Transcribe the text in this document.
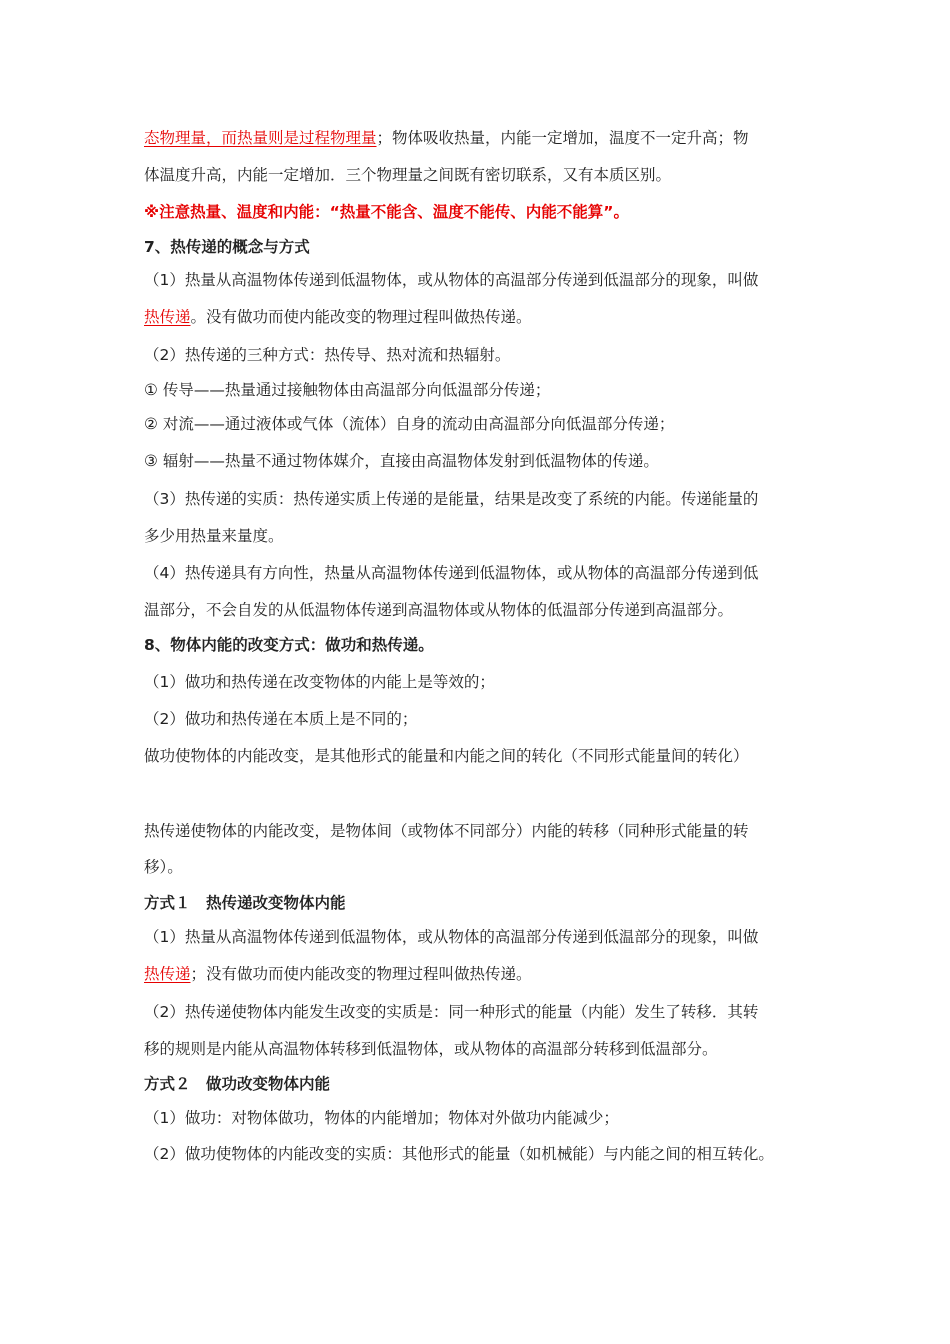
态物理量，而热量则是过程物理量；物体吸收热量，内能一定增加，温度不一定升高；物
体温度升高，内能一定增加．三个物理量之间既有密切联系，又有本质区别。
※注意热量、温度和内能：“热量不能含、温度不能传、内能不能算”。
7、热传递的概念与方式
（1）热量从高温物体传递到低温物体，或从物体的高温部分传递到低温部分的现象，叫做
热传递。没有做功而使内能改变的物理过程叫做热传递。
（2）热传递的三种方式：热传导、热对流和热辐射。
① 传导——热量通过接触物体由高温部分向低温部分传递；
② 对流——通过液体或气体（流体）自身的流动由高温部分向低温部分传递；
③ 辐射——热量不通过物体媒介，直接由高温物体发射到低温物体的传递。
（3）热传递的实质：热传递实质上传递的是能量，结果是改变了系统的内能。传递能量的
多少用热量来量度。
（4）热传递具有方向性，热量从高温物体传递到低温物体，或从物体的高温部分传递到低
温部分，不会自发的从低温物体传递到高温物体或从物体的低温部分传递到高温部分。
8、物体内能的改变方式：做功和热传递。
（1）做功和热传递在改变物体的内能上是等效的；
（2）做功和热传递在本质上是不同的；
做功使物体的内能改变，是其他形式的能量和内能之间的转化（不同形式能量间的转化）
热传递使物体的内能改变，是物体间（或物体不同部分）内能的转移（同种形式能量的转
移）。
方式１　热传递改变物体内能
（1）热量从高温物体传递到低温物体，或从物体的高温部分传递到低温部分的现象，叫做
热传递；没有做功而使内能改变的物理过程叫做热传递。
（2）热传递使物体内能发生改变的实质是：同一种形式的能量（内能）发生了转移．其转
移的规则是内能从高温物体转移到低温物体，或从物体的高温部分转移到低温部分。
方式２　做功改变物体内能
（1）做功：对物体做功，物体的内能增加；物体对外做功内能减少；
（2）做功使物体的内能改变的实质：其他形式的能量（如机械能）与内能之间的相互转化。
